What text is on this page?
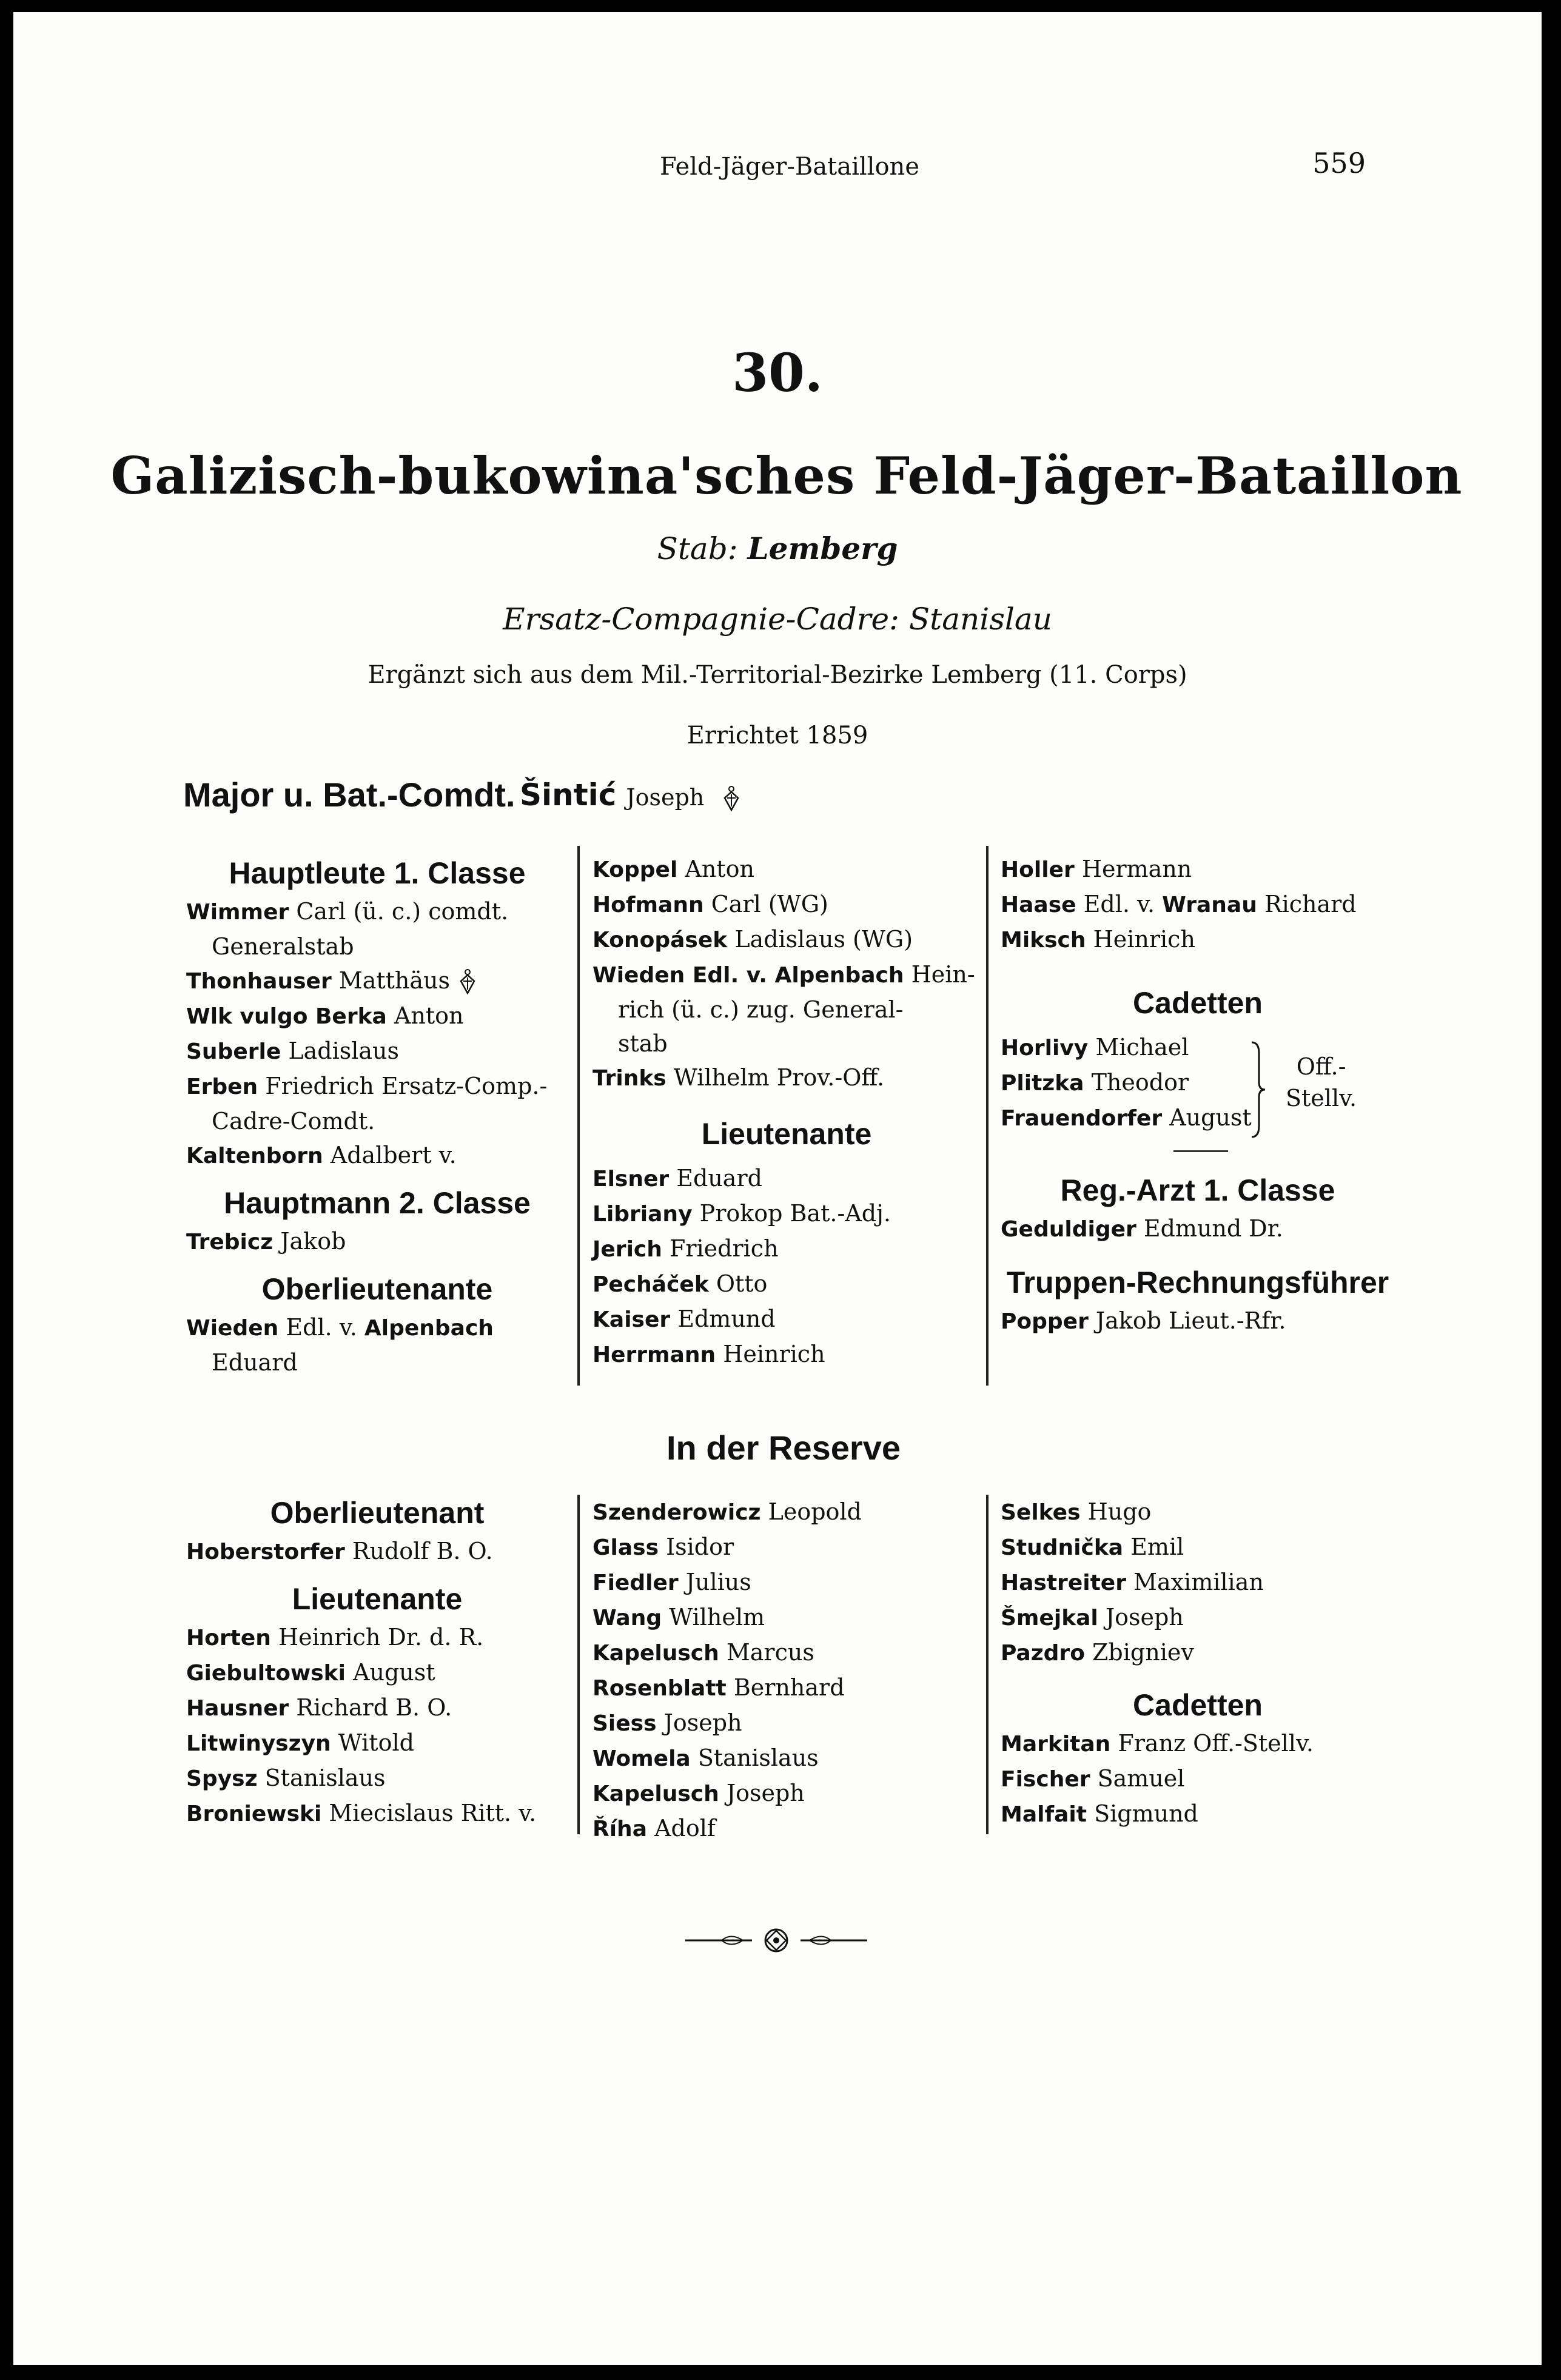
Feld-Jäger-Bataillone	559
30.
Galizisch-bukowina'sches Feld-Jäger-Bataillon
Stab: Lemberg
Ersatz-Compagnie-Cadre: Stanislau
Ergänzt sich aus dem Mil.-Territorial-Bezirke Lemberg (11. Corps)
Errichtet 1859
Major u. Bat.-Comdt. Šintić Joseph
Hauptleute 1. Classe
Wimmer Carl (ü. c.) comdt.
Generalstab
Thonhauser Matthäus
Wlk vulgo Berka Anton
Suberle Ladislaus
Erben Friedrich Ersatz-Comp.-
Cadre-Comdt.
Kaltenborn Adalbert v.
Hauptmann 2. Classe
Trebicz Jakob
Oberlieutenante
Wieden Edl. v. Alpenbach
Eduard
Koppel Anton
Hofmann Carl (WG)
Konopásek Ladislaus (WG)
Wieden Edl. v. Alpenbach Hein-
rich (ü. c.) zug. General-
stab
Trinks Wilhelm Prov.-Off.
Lieutenante
Elsner Eduard
Libriany Prokop Bat.-Adj.
Jerich Friedrich
Pecháček Otto
Kaiser Edmund
Herrmann Heinrich
Holler Hermann
Haase Edl. v. Wranau Richard
Miksch Heinrich
Cadetten
Horlivy Michael
Plitzka Theodor
Frauendorfer August
Off.-
Stellv.
Reg.-Arzt 1. Classe
Geduldiger Edmund Dr.
Truppen-Rechnungsführer
Popper Jakob Lieut.-Rfr.
In der Reserve
Oberlieutenant
Hoberstorfer Rudolf B. O.
Lieutenante
Horten Heinrich Dr. d. R.
Giebultowski August
Hausner Richard B. O.
Litwinyszyn Witold
Spysz Stanislaus
Broniewski Miecislaus Ritt. v.
Szenderowicz Leopold
Glass Isidor
Fiedler Julius
Wang Wilhelm
Kapelusch Marcus
Rosenblatt Bernhard
Siess Joseph
Womela Stanislaus
Kapelusch Joseph
Říha Adolf
Selkes Hugo
Studnička Emil
Hastreiter Maximilian
Šmejkal Joseph
Pazdro Zbigniev
Cadetten
Markitan Franz Off.-Stellv.
Fischer Samuel
Malfait Sigmund
